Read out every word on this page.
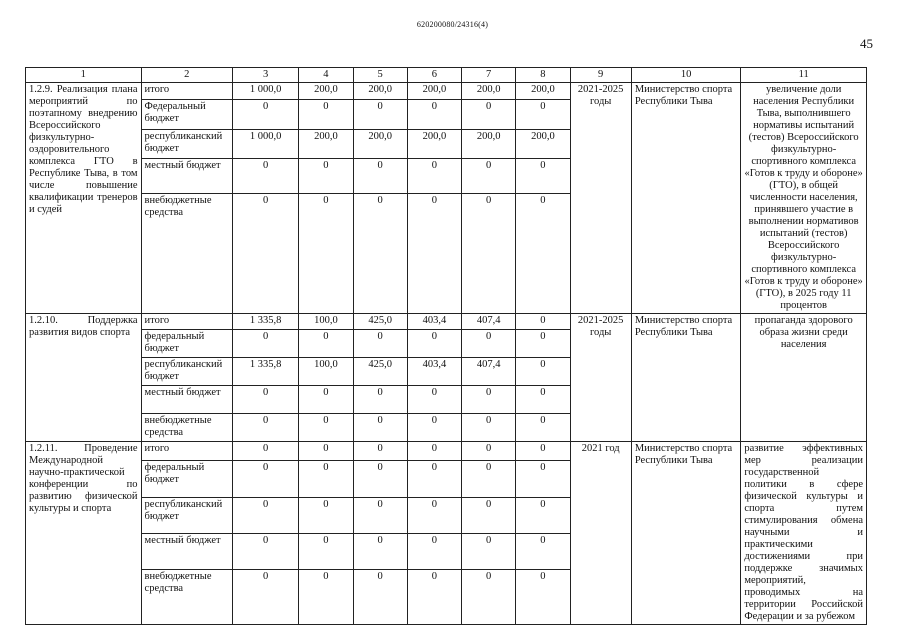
620200080/24316(4)
45
1	2	3	4	5	6	7	8	9	10	11
1.2.9. Реализация плана мероприятий по поэтапному внедрению Всероссийского физкультурно-оздоровительного комплекса ГТО в Республике Тыва, в том числе повышение квалификации тренеров и судей	итого	1 000,0	200,0	200,0	200,0	200,0	200,0	2021-2025 годы	Министерство спорта Республики Тыва	увеличение доли населения Республики Тыва, выполнившего нормативы испытаний (тестов) Всероссийского физкультурно-спортивного комплекса «Готов к труду и обороне» (ГТО), в общей численности населения, принявшего участие в выполнении нормативов испытаний (тестов) Всероссийского физкультурно-спортивного комплекса «Готов к труду и обороне» (ГТО), в 2025 году 11 процентов
	Федеральный бюджет	0	0	0	0	0	0			
	республиканский бюджет	1 000,0	200,0	200,0	200,0	200,0	200,0			
	местный бюджет	0	0	0	0	0	0			
	внебюджетные средства	0	0	0	0	0	0			
1.2.10. Поддержка развития видов спорта	итого	1 335,8	100,0	425,0	403,4	407,4	0	2021-2025 годы	Министерство спорта Республики Тыва	пропаганда здорового образа жизни среди населения
	федеральный бюджет	0	0	0	0	0	0			
	республиканский бюджет	1 335,8	100,0	425,0	403,4	407,4	0			
	местный бюджет	0	0	0	0	0	0			
	внебюджетные средства	0	0	0	0	0	0			
1.2.11. Проведение Международной научно-практической конференции по развитию физической культуры и спорта	итого	0	0	0	0	0	0	2021 год	Министерство спорта Республики Тыва	развитие эффективных мер реализации государственной политики в сфере физической культуры и спорта путем стимулирования обмена научными и практическими достижениями при поддержке значимых мероприятий, проводимых на территории Российской Федерации и за рубежом
	федеральный бюджет	0	0	0	0	0	0			
	республиканский бюджет	0	0	0	0	0	0			
	местный бюджет	0	0	0	0	0	0			
	внебюджетные средства	0	0	0	0	0	0			
